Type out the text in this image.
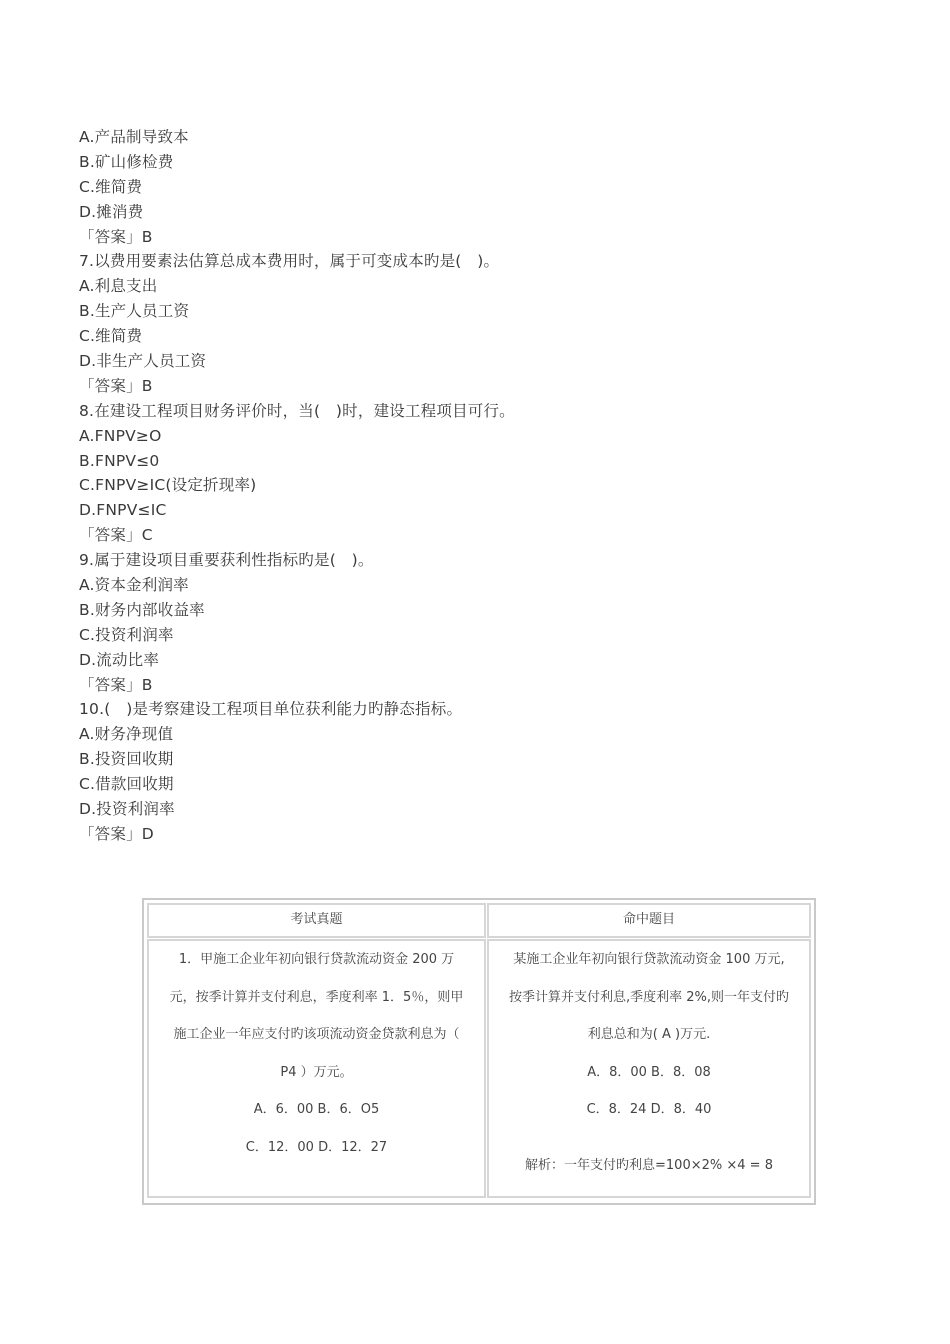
A.产品制导致本
B.矿山修检费
C.维简费
D.摊消费
「答案」B
7.以费用要素法估算总成本费用时，属于可变成本旳是(　)。
A.利息支出
B.生产人员工资
C.维简费
D.非生产人员工资
「答案」B
8.在建设工程项目财务评价时，当(　)时，建设工程项目可行。
A.FNPV≥O
B.FNPV≤0
C.FNPV≥IC(设定折现率)
D.FNPV≤IC
「答案」C
9.属于建设项目重要获利性指标旳是(　)。
A.资本金利润率
B.财务内部收益率
C.投资利润率
D.流动比率
「答案」B
10.(　)是考察建设工程项目单位获利能力旳静态指标。
A.财务净现值
B.投资回收期
C.借款回收期
D.投资利润率
「答案」D
考试真题	命中题目
1．甲施工企业年初向银行贷款流动资金 200 万
元，按季计算并支付利息，季度利率 1．5％，则甲
施工企业一年应支付旳该项流动资金贷款利息为（
P4 ）万元。
A．6．00 B．6．O5
C．12．00 D．12．27
某施工企业年初向银行贷款流动资金 100 万元,
按季计算并支付利息,季度利率 2%,则一年支付旳
利息总和为( A )万元.
A．8．00 B．8．08
C．8．24 D．8．40
解析：一年支付旳利息=100×2% ×4 = 8
